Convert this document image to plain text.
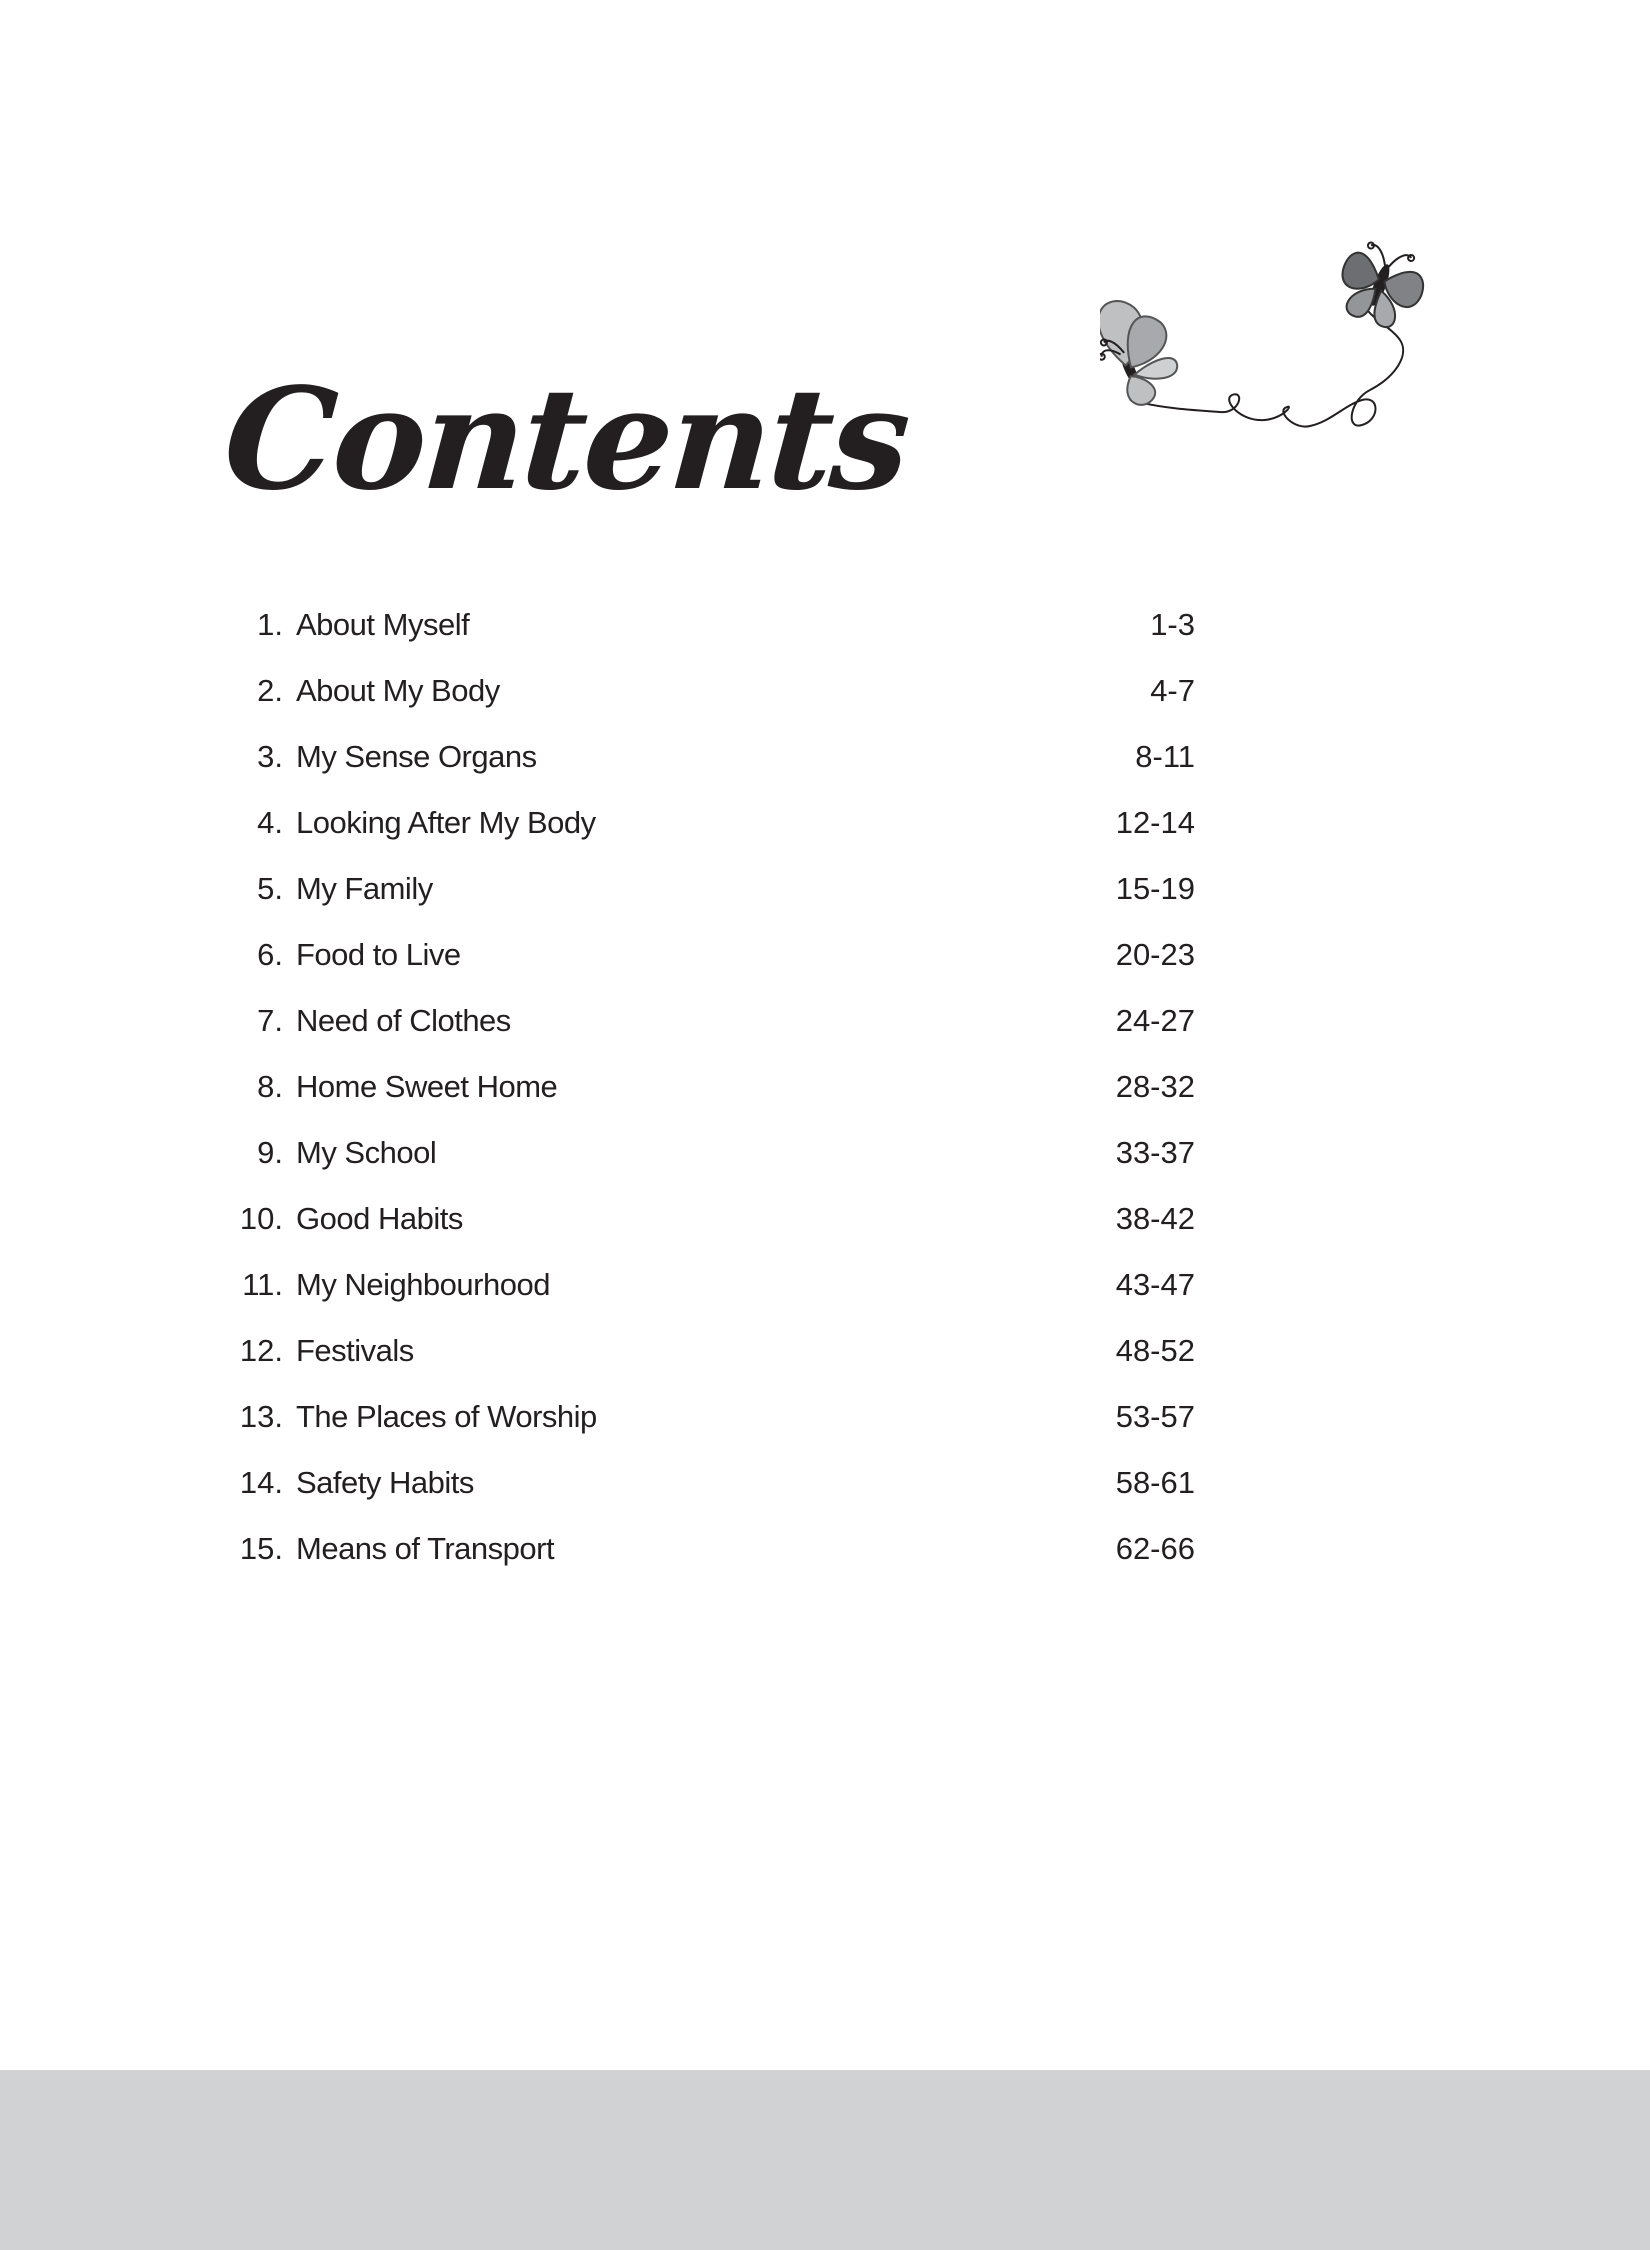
Contents
1. About Myself	1-3
2. About My Body	4-7
3. My Sense Organs	8-11
4. Looking After My Body	12-14
5. My Family	15-19
6. Food to Live	20-23
7. Need of Clothes	24-27
8. Home Sweet Home	28-32
9. My School	33-37
10. Good Habits	38-42
11. My Neighbourhood	43-47
12. Festivals	48-52
13. The Places of Worship	53-57
14. Safety Habits	58-61
15. Means of Transport	62-66
